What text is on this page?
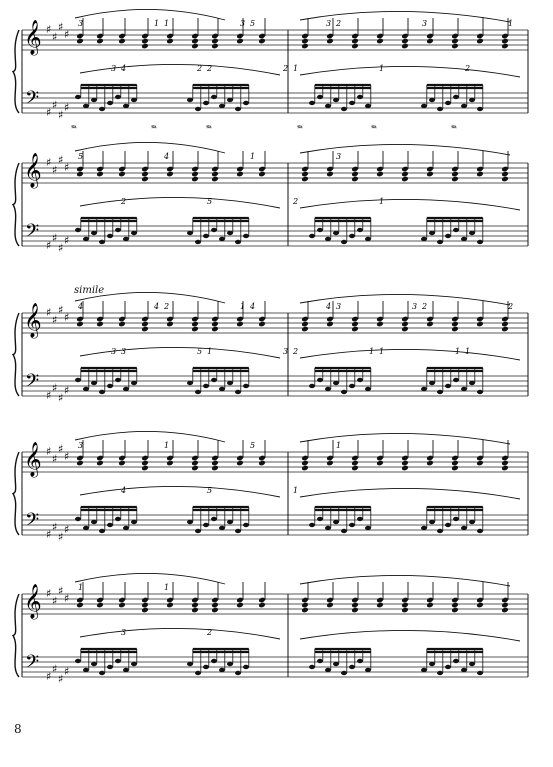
𝄞
𝄢
♯
♯
♯
♯
♯
♯
♯
♯
3
4
1
2
5
1
2
1
3
2
1
3
1
2
3
2
3
𝄞
𝄢
♯
♯
♯
♯
♯
♯
♯
♯
5
2
4
5
1
2
3
1
𝄞
𝄢
♯
♯
♯
♯
♯
♯
♯
♯
4
3
2
1
4
2
3
1
2
1
2
3
4
5
1
3
4
1
3
1
𝄞
𝄢
♯
♯
♯
♯
♯
♯
♯
♯
3
4
1
5
5
1
1
𝄞
𝄢
♯
♯
♯
♯
♯
♯
♯
♯
1
3
1
2
𝆮	𝆮	𝆮	𝆮	𝆮	𝆮
simile
8
